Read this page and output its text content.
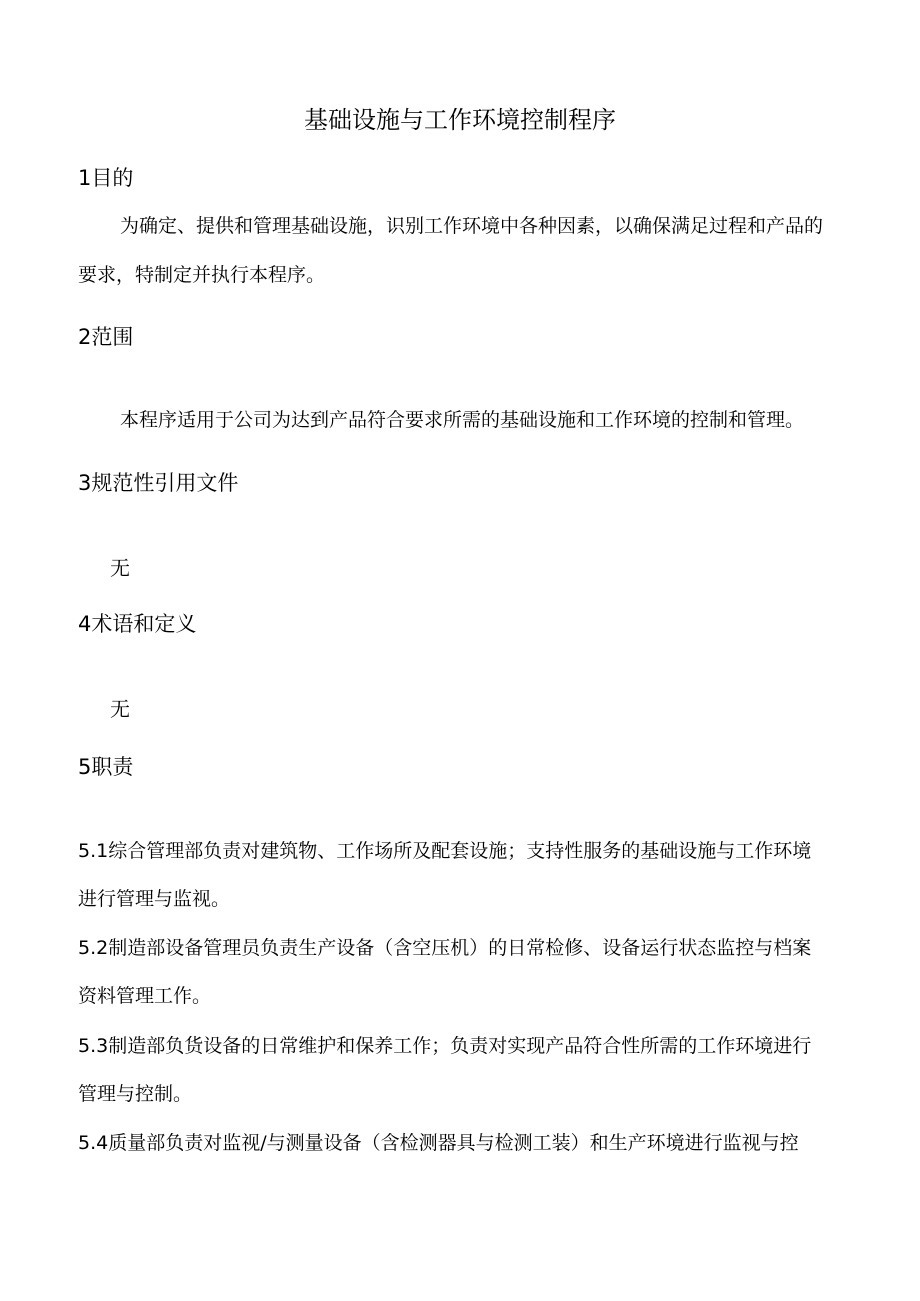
基础设施与工作环境控制程序
1目的
为确定、提供和管理基础设施，识别工作环境中各种因素，以确保满足过程和产品的
要求，特制定并执行本程序。
2范围
本程序适用于公司为达到产品符合要求所需的基础设施和工作环境的控制和管理。
3规范性引用文件
无
4术语和定义
无
5职责
5.1综合管理部负责对建筑物、工作场所及配套设施；支持性服务的基础设施与工作环境
进行管理与监视。
5.2制造部设备管理员负责生产设备（含空压机）的日常检修、设备运行状态监控与档案
资料管理工作。
5.3制造部负货设备的日常维护和保养工作；负责对实现产品符合性所需的工作环境进行
管理与控制。
5.4质量部负责对监视/与测量设备（含检测器具与检测工装）和生产环境进行监视与控
